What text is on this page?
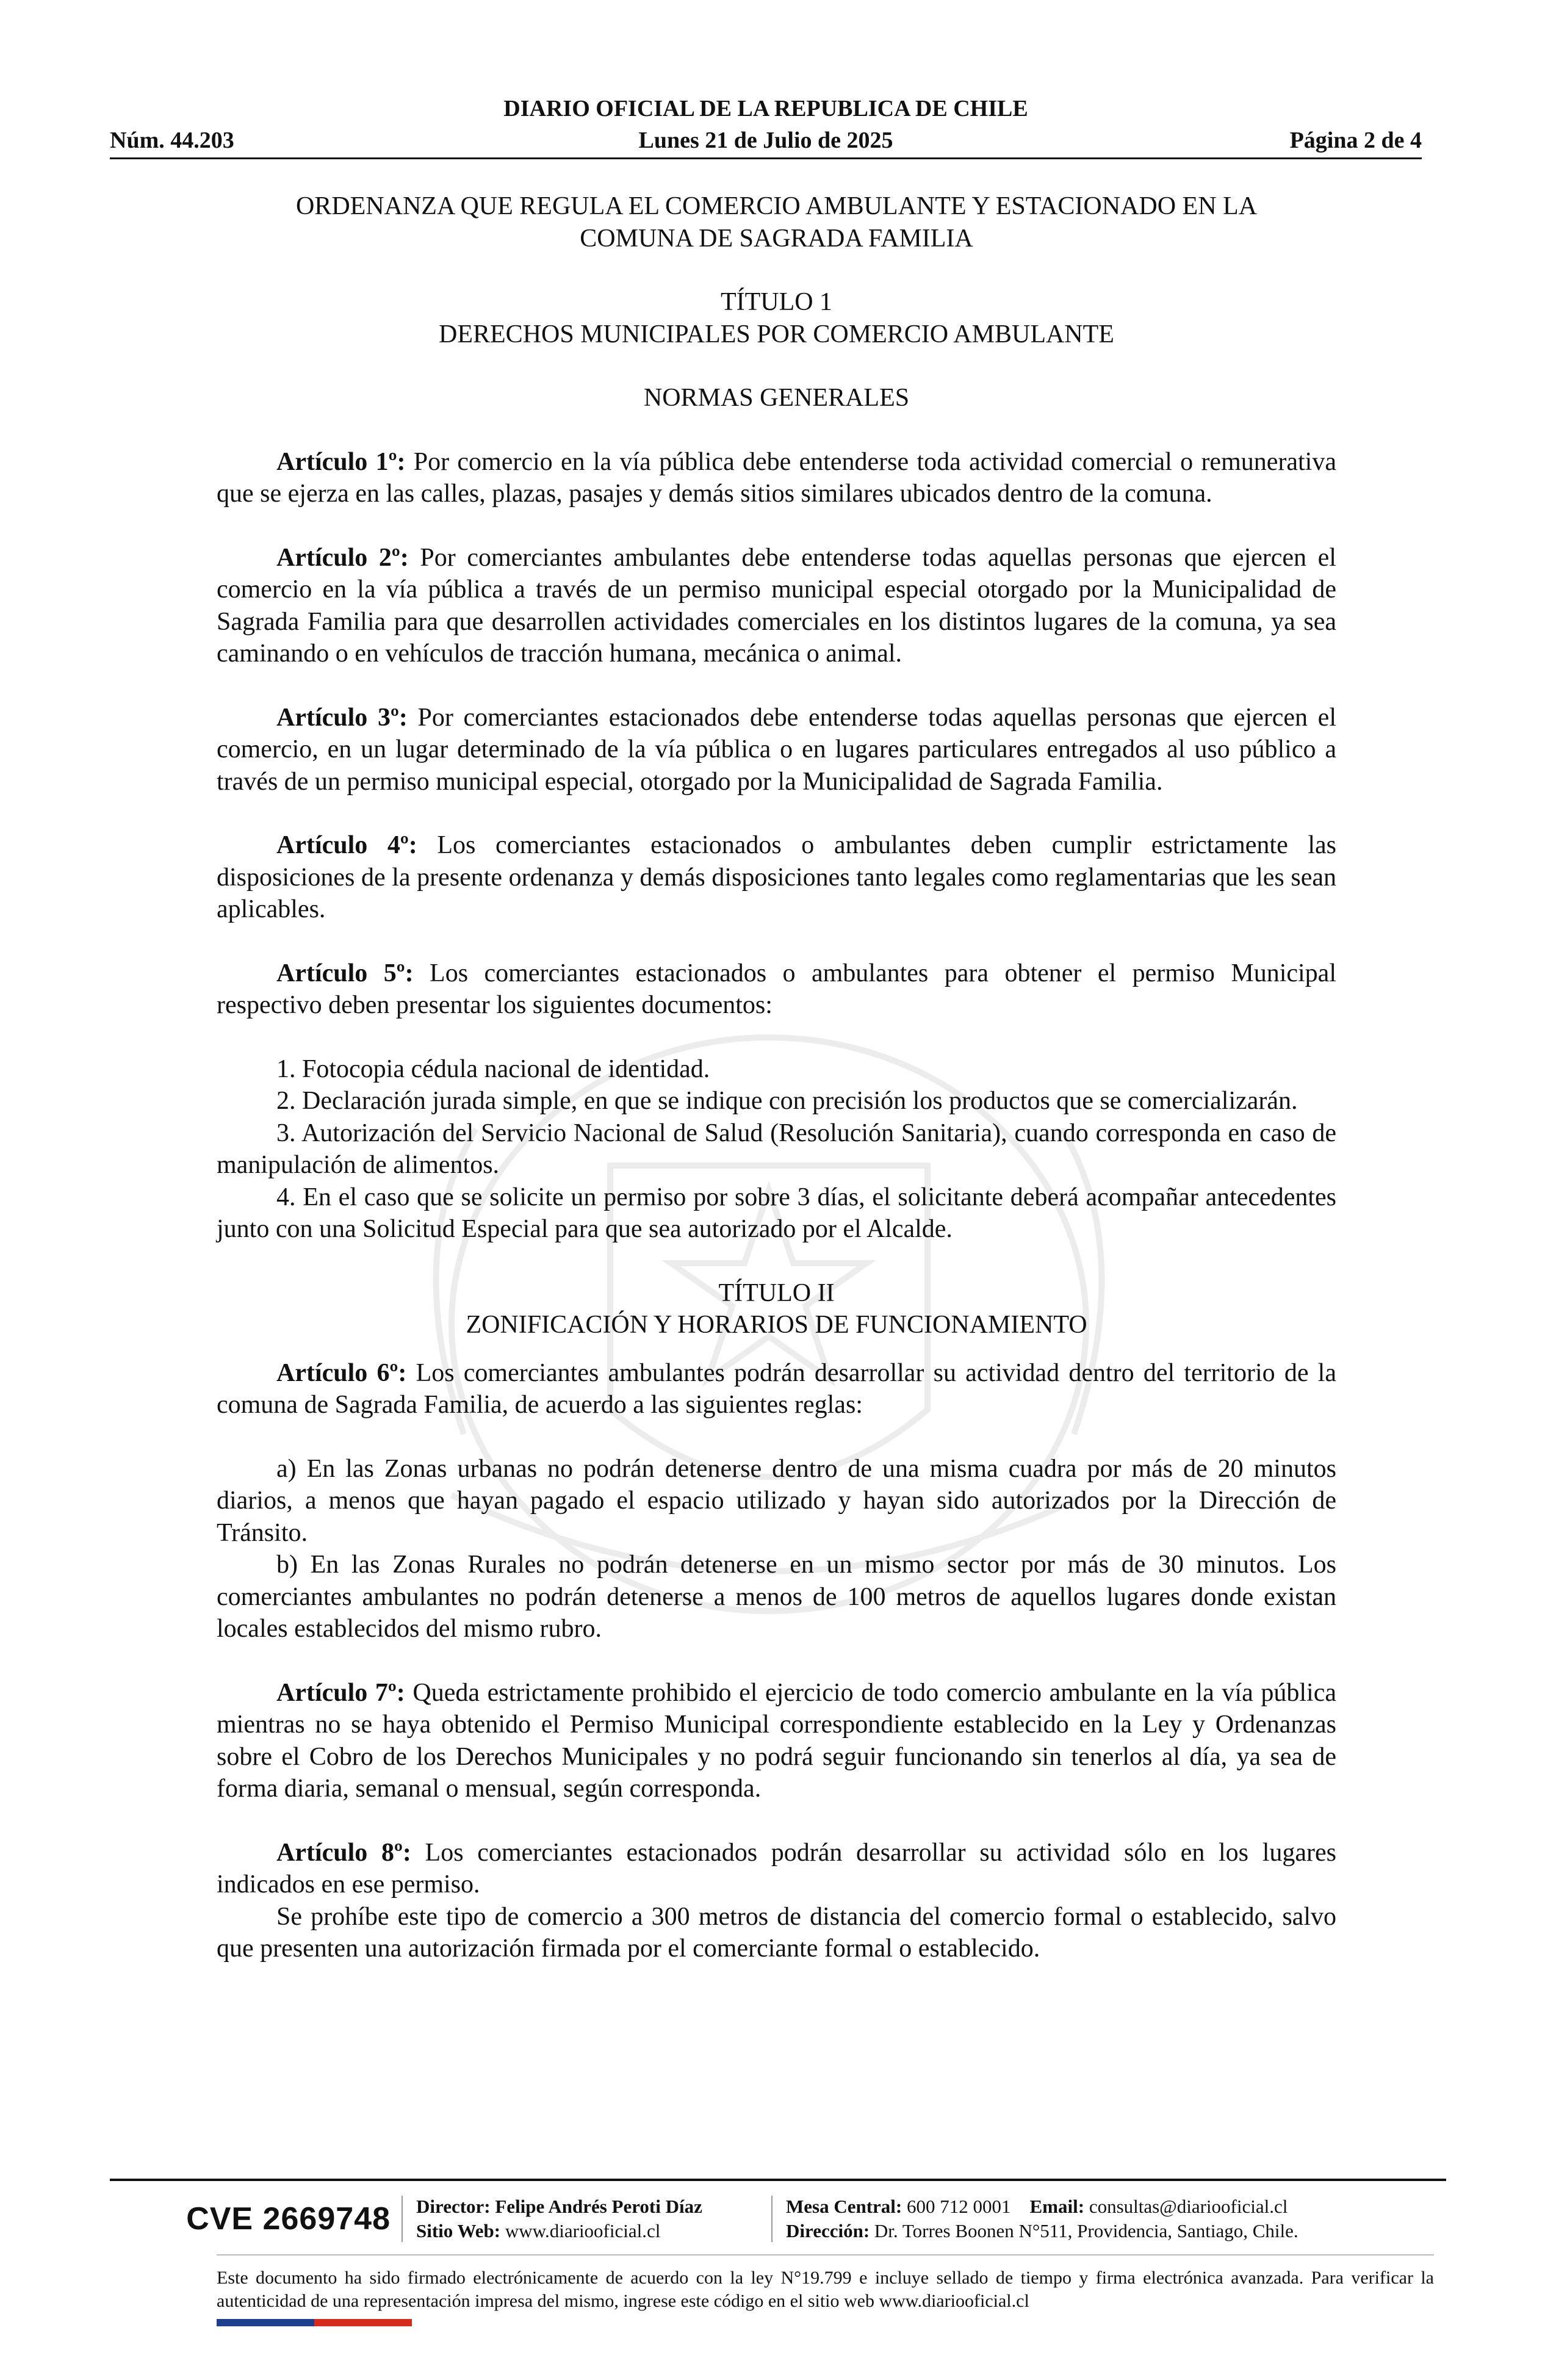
DIARIO OFICIAL DE LA REPUBLICA DE CHILE
Núm. 44.203	Lunes 21 de Julio de 2025	Página 2 de 4
ORDENANZA QUE REGULA EL COMERCIO AMBULANTE Y ESTACIONADO EN LA
COMUNA DE SAGRADA FAMILIA
TÍTULO 1
DERECHOS MUNICIPALES POR COMERCIO AMBULANTE
NORMAS GENERALES

Artículo 1º: Por comercio en la vía pública debe entenderse toda actividad comercial o remunerativa que se ejerza en las calles, plazas, pasajes y demás sitios similares ubicados dentro de la comuna.

Artículo 2º: Por comerciantes ambulantes debe entenderse todas aquellas personas que ejercen el comercio en la vía pública a través de un permiso municipal especial otorgado por la Municipalidad de Sagrada Familia para que desarrollen actividades comerciales en los distintos lugares de la comuna, ya sea caminando o en vehículos de tracción humana, mecánica o animal.

Artículo 3º: Por comerciantes estacionados debe entenderse todas aquellas personas que ejercen el comercio, en un lugar determinado de la vía pública o en lugares particulares entregados al uso público a través de un permiso municipal especial, otorgado por la Municipalidad de Sagrada Familia.

Artículo 4º: Los comerciantes estacionados o ambulantes deben cumplir estrictamente las disposiciones de la presente ordenanza y demás disposiciones tanto legales como reglamentarias que les sean aplicables.

Artículo 5º: Los comerciantes estacionados o ambulantes para obtener el permiso Municipal respectivo deben presentar los siguientes documentos:

1. Fotocopia cédula nacional de identidad.

2. Declaración jurada simple, en que se indique con precisión los productos que se comercializarán.

3. Autorización del Servicio Nacional de Salud (Resolución Sanitaria), cuando corresponda en caso de manipulación de alimentos.

4. En el caso que se solicite un permiso por sobre 3 días, el solicitante deberá acompañar antecedentes junto con una Solicitud Especial para que sea autorizado por el Alcalde.

TÍTULO II
ZONIFICACIÓN Y HORARIOS DE FUNCIONAMIENTO

Artículo 6º: Los comerciantes ambulantes podrán desarrollar su actividad dentro del territorio de la comuna de Sagrada Familia, de acuerdo a las siguientes reglas:

a) En las Zonas urbanas no podrán detenerse dentro de una misma cuadra por más de 20 minutos diarios, a menos que hayan pagado el espacio utilizado y hayan sido autorizados por la Dirección de Tránsito.

b) En las Zonas Rurales no podrán detenerse en un mismo sector por más de 30 minutos. Los comerciantes ambulantes no podrán detenerse a menos de 100 metros de aquellos lugares donde existan locales establecidos del mismo rubro.

Artículo 7º: Queda estrictamente prohibido el ejercicio de todo comercio ambulante en la vía pública mientras no se haya obtenido el Permiso Municipal correspondiente establecido en la Ley y Ordenanzas sobre el Cobro de los Derechos Municipales y no podrá seguir funcionando sin tenerlos al día, ya sea de forma diaria, semanal o mensual, según corresponda.

Artículo 8º: Los comerciantes estacionados podrán desarrollar su actividad sólo en los lugares indicados en ese permiso.

Se prohíbe este tipo de comercio a 300 metros de distancia del comercio formal o establecido, salvo que presenten una autorización firmada por el comerciante formal o establecido.

CVE 2669748	Director: Felipe Andrés Peroti Díaz
Sitio Web: www.diariooficial.cl
Mesa Central: 600 712 0001 Email: consultas@diariooficial.cl
Dirección: Dr. Torres Boonen N°511, Providencia, Santiago, Chile.
Este documento ha sido firmado electrónicamente de acuerdo con la ley N°19.799 e incluye sellado de tiempo y firma electrónica avanzada. Para verificar la autenticidad de una representación impresa del mismo, ingrese este código en el sitio web www.diariooficial.cl
